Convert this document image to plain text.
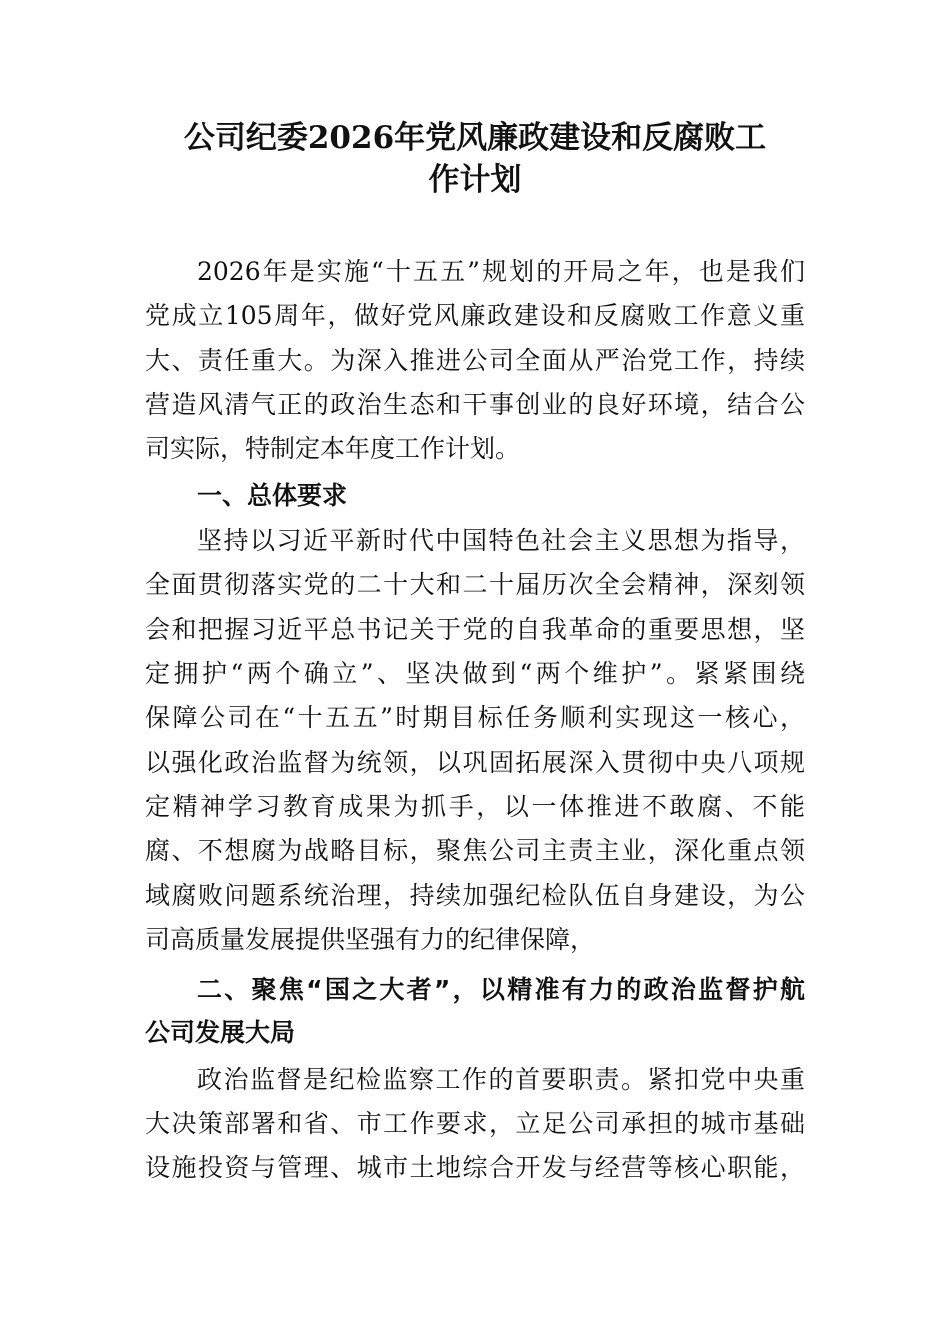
公司纪委2026年党风廉政建设和反腐败工
作计划
2026年是实施“十五五”规划的开局之年，也是我们
党成立105周年，做好党风廉政建设和反腐败工作意义重
大、责任重大。为深入推进公司全面从严治党工作，持续
营造风清气正的政治生态和干事创业的良好环境，结合公
司实际，特制定本年度工作计划。
一、总体要求
坚持以习近平新时代中国特色社会主义思想为指导，
全面贯彻落实党的二十大和二十届历次全会精神，深刻领
会和把握习近平总书记关于党的自我革命的重要思想，坚
定拥护“两个确立”、坚决做到“两个维护”。紧紧围绕
保障公司在“十五五”时期目标任务顺利实现这一核心，
以强化政治监督为统领，以巩固拓展深入贯彻中央八项规
定精神学习教育成果为抓手，以一体推进不敢腐、不能
腐、不想腐为战略目标，聚焦公司主责主业，深化重点领
域腐败问题系统治理，持续加强纪检队伍自身建设，为公
司高质量发展提供坚强有力的纪律保障，
二、聚焦“国之大者”，以精准有力的政治监督护航
公司发展大局
政治监督是纪检监察工作的首要职责。紧扣党中央重
大决策部署和省、市工作要求，立足公司承担的城市基础
设施投资与管理、城市土地综合开发与经营等核心职能，
